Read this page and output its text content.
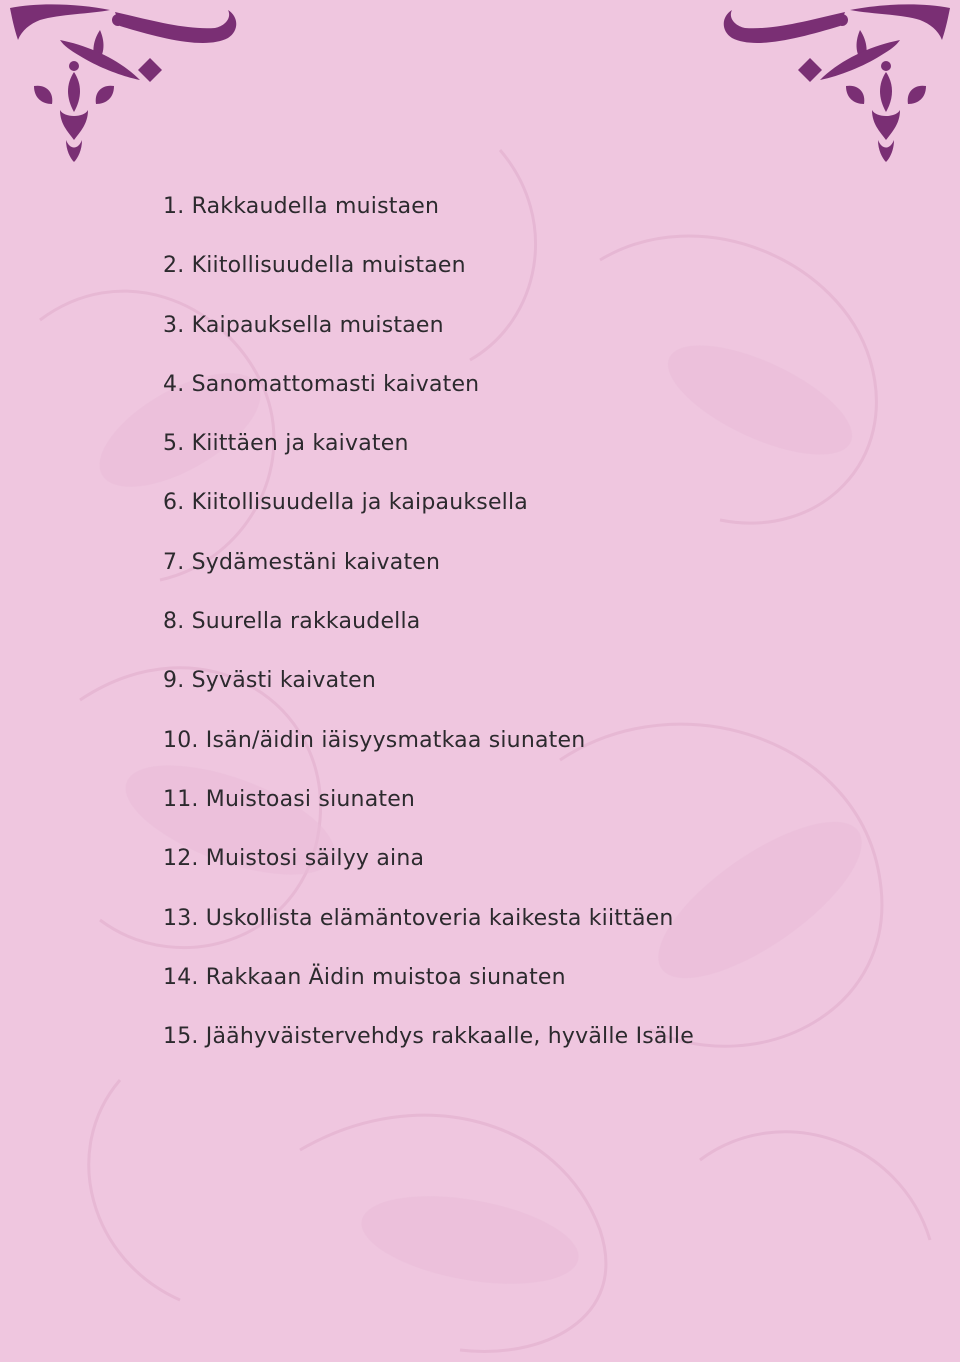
1. Rakkaudella muistaen
2. Kiitollisuudella muistaen
3. Kaipauksella muistaen
4. Sanomattomasti kaivaten
5. Kiittäen ja kaivaten
6. Kiitollisuudella ja kaipauksella
7. Sydämestäni kaivaten
8. Suurella rakkaudella
9. Syvästi kaivaten
10. Isän/äidin iäisyysmatkaa siunaten
11. Muistoasi siunaten
12. Muistosi säilyy aina
13. Uskollista elämäntoveria kaikesta kiittäen
14. Rakkaan Äidin muistoa siunaten
15. Jäähyväistervehdys rakkaalle, hyvälle Isälle
